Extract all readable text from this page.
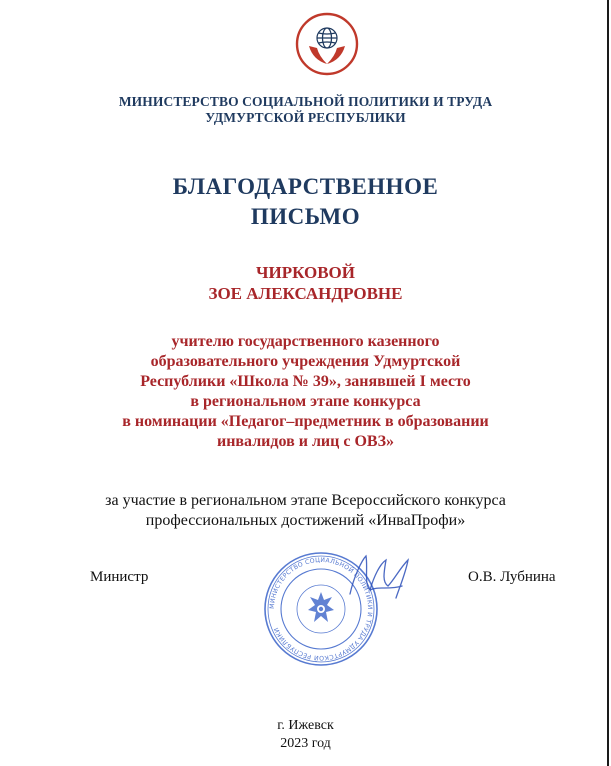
МИНИСТЕРСТВО СОЦИАЛЬНОЙ ПОЛИТИКИ И ТРУДА
УДМУРТСКОЙ РЕСПУБЛИКИ
БЛАГОДАРСТВЕННОЕ
ПИСЬМО
ЧИРКОВОЙ
ЗОЕ АЛЕКСАНДРОВНЕ
учителю государственного казенного
образовательного учреждения Удмуртской
Республики «Школа № 39», занявшей I место
в региональном этапе конкурса
в номинации «Педагог–предметник в образовании
инвалидов и лиц с ОВЗ»
за участие в региональном этапе Всероссийского конкурса
профессиональных достижений «ИнваПрофи»
МИНИСТЕРСТВО СОЦИАЛЬНОЙ ПОЛИТИКИ И ТРУДА УДМУРТСКОЙ РЕСПУБЛИКИ
Министр	О.В. Лубнина
г. Ижевск
2023 год
